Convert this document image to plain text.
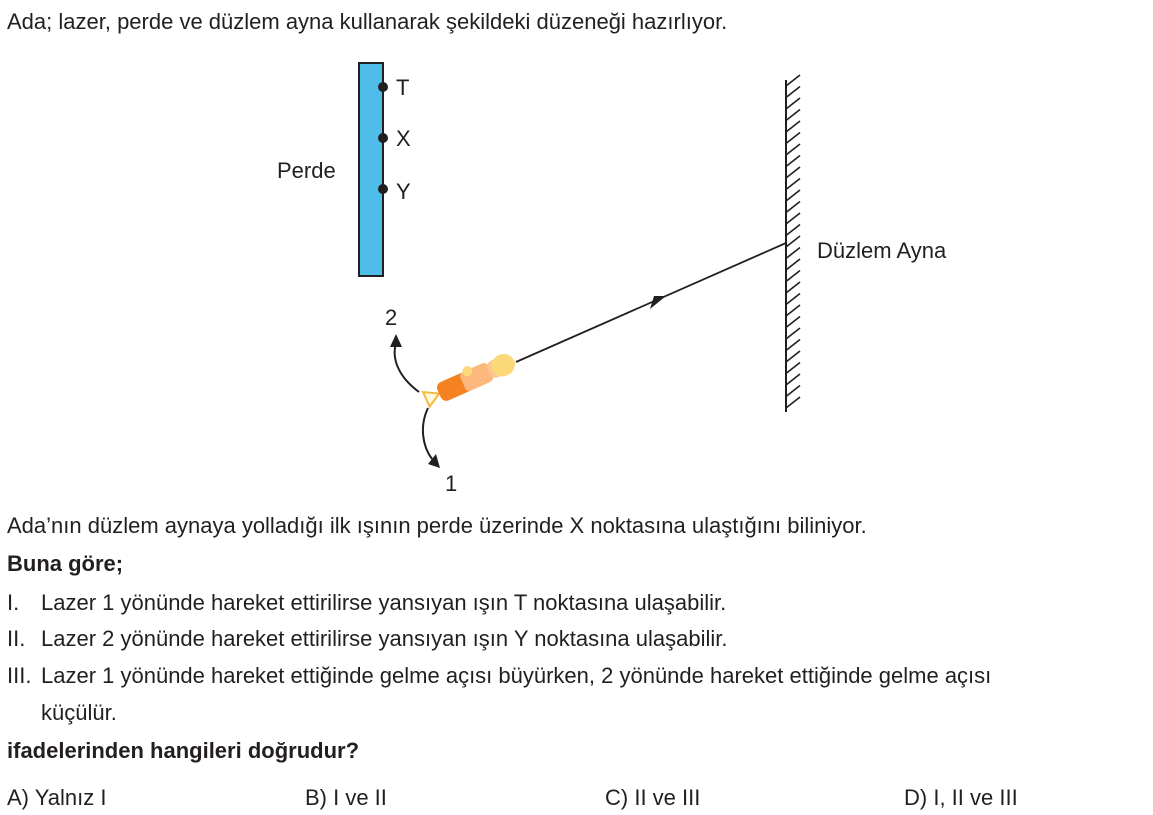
Ada; lazer, perde ve düzlem ayna kullanarak şekildeki düzeneği hazırlıyor.
T
X
Y
Perde
Düzlem Ayna
2
1
Ada’nın düzlem aynaya yolladığı ilk ışının perde üzerinde X noktasına ulaştığını biliniyor.
Buna göre;
I. Lazer 1 yönünde hareket ettirilirse yansıyan ışın T noktasına ulaşabilir.
II. Lazer 2 yönünde hareket ettirilirse yansıyan ışın Y noktasına ulaşabilir.
III. Lazer 1 yönünde hareket ettiğinde gelme açısı büyürken, 2 yönünde hareket ettiğinde gelme açısı
küçülür.
ifadelerinden hangileri doğrudur?
A) Yalnız I	B) I ve II	C) II ve III	D) I, II ve III
